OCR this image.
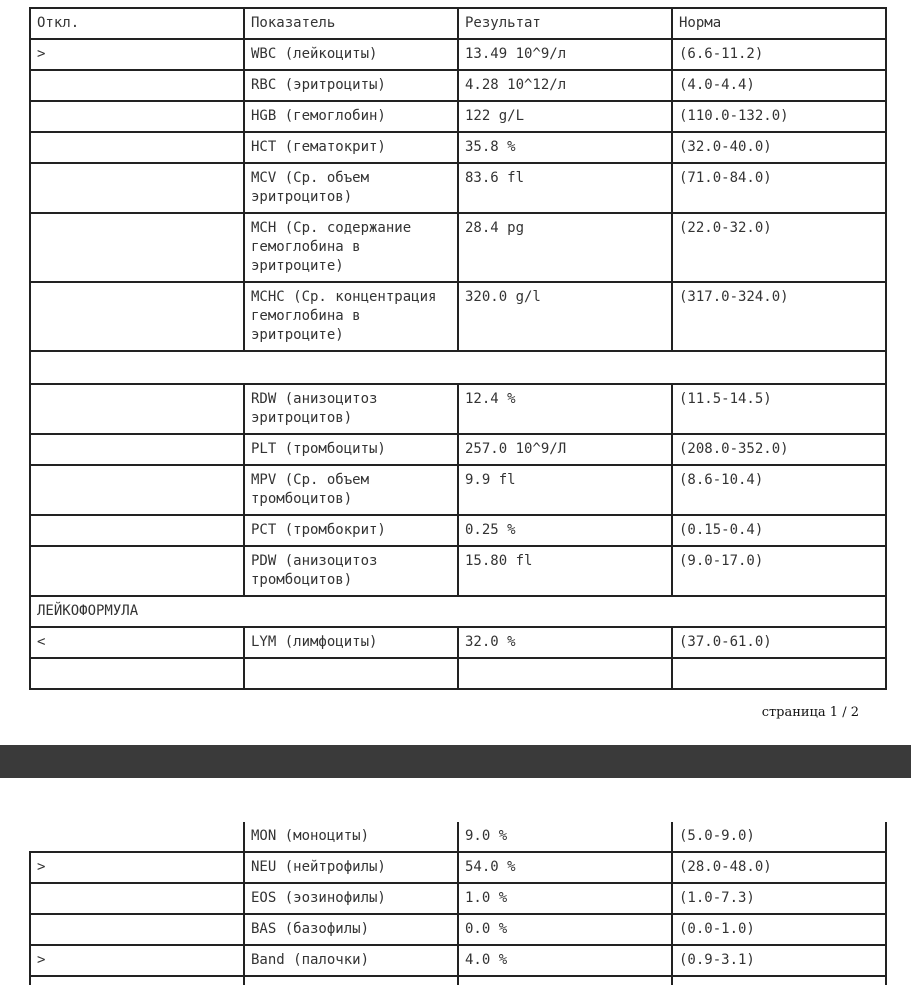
Откл.	Показатель	Результат	Норма
>	WBC (лейкоциты)	13.49 10^9/л	(6.6-11.2)
	RBC (эритроциты)	4.28 10^12/л	(4.0-4.4)
	HGB (гемоглобин)	122 g/L	(110.0-132.0)
	HCT (гематокрит)	35.8 %	(32.0-40.0)
	MCV (Ср. объем эритроцитов)	83.6 fl	(71.0-84.0)
	MCH (Ср. содержание гемоглобина в эритроците)	28.4 pg	(22.0-32.0)
	MCHC (Ср. концентрация гемоглобина в эритроците)	320.0 g/l	(317.0-324.0)

	RDW (анизоцитоз эритроцитов)	12.4 %	(11.5-14.5)
	PLT (тромбоциты)	257.0 10^9/Л	(208.0-352.0)
	MPV (Ср. объем тромбоцитов)	9.9 fl	(8.6-10.4)
	PCT (тромбокрит)	0.25 %	(0.15-0.4)
	PDW (анизоцитоз тромбоцитов)	15.80 fl	(9.0-17.0)
ЛЕЙКОФОРМУЛА			
<	LYM (лимфоциты)	32.0 %	(37.0-61.0)

страница 1 / 2
	MON (моноциты)	9.0 %	(5.0-9.0)
>	NEU (нейтрофилы)	54.0 %	(28.0-48.0)
	EOS (эозинофилы)	1.0 %	(1.0-7.3)
	BAS (базофилы)	0.0 %	(0.0-1.0)
>	Band (палочки)	4.0 %	(0.9-3.1)
